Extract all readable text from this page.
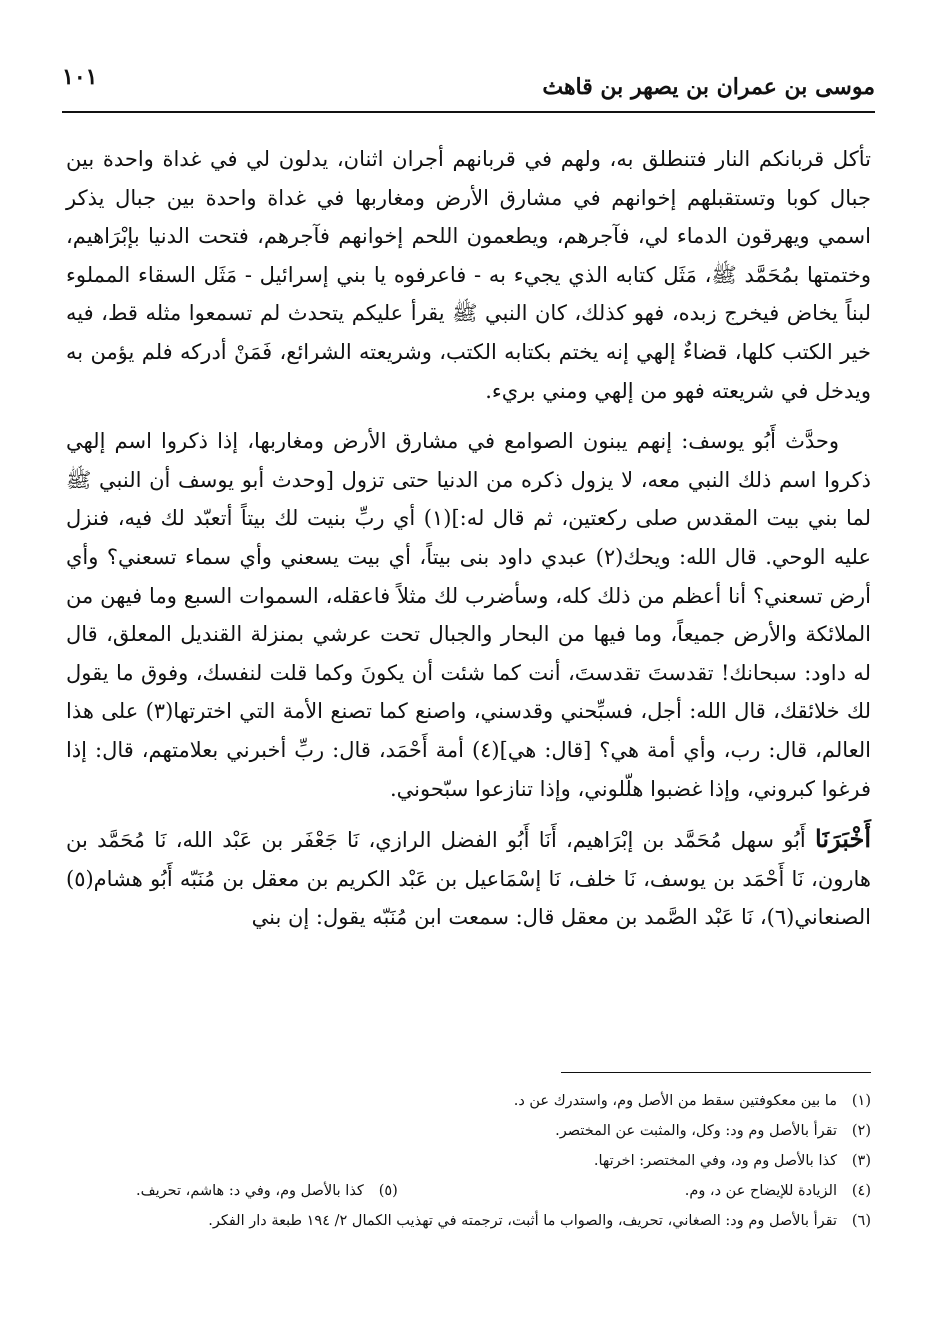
موسى بن عمران بن يصهر بن قاهث
١٠١

تأكل قربانكم النار فتنطلق به، ولهم في قربانهم أجران اثنان، يدلون لي في غداة واحدة بين جبال كوبا وتستقبلهم إخوانهم في مشارق الأرض ومغاربها في غداة واحدة بين جبال يذكر اسمي ويهرقون الدماء لي، فآجرهم، ويطعمون اللحم إخوانهم فآجرهم، فتحت الدنيا بإبْرَاهيم، وختمتها بمُحَمَّد ﷺ، مَثَل كتابه الذي يجيء به - فاعرفوه يا بني إسرائيل - مَثَل السقاء المملوء لبناً يخاض فيخرج زبده، فهو كذلك، كان النبي ﷺ يقرأ عليكم يتحدث لم تسمعوا مثله قط، فيه خير الكتب كلها، قضاءٌ إلهي إنه يختم بكتابه الكتب، وشريعته الشرائع، فَمَنْ أدركه فلم يؤمن به ويدخل في شريعته فهو من إلهي ومني بريء.

وحدَّث أَبُو يوسف: إنهم يبنون الصوامع في مشارق الأرض ومغاربها، إذا ذكروا اسم إلهي ذكروا اسم ذلك النبي معه، لا يزول ذكره من الدنيا حتى تزول [وحدث أبو يوسف أن النبي ﷺ لما بني بيت المقدس صلى ركعتين، ثم قال له:](١) أي ربِّ بنيت لك بيتاً أتعبّد لك فيه، فنزل عليه الوحي. قال الله: ويحك(٢) عبدي داود بنى بيتاً، أي بيت يسعني وأي سماء تسعني؟ وأي أرض تسعني؟ أنا أعظم من ذلك كله، وسأضرب لك مثلاً فاعقله، السموات السبع وما فيهن من الملائكة والأرض جميعاً، وما فيها من البحار والجبال تحت عرشي بمنزلة القنديل المعلق، قال له داود: سبحانك! تقدستَ تقدستَ، أنت كما شئت أن يكونَ وكما قلت لنفسك، وفوق ما يقول لك خلائقك، قال الله: أجل، فسبِّحني وقدسني، واصنع كما تصنع الأمة التي اخترتها(٣) على هذا العالم، قال: رب، وأي أمة هي؟ [قال: هي](٤) أمة أَحْمَد، قال: ربِّ أخبرني بعلامتهم، قال: إذا فرغوا كبروني، وإذا غضبوا هلّلوني، وإذا تنازعوا سبّحوني.

أَخْبَرَنَا أَبُو سهل مُحَمَّد بن إبْرَاهيم، أَنَا أَبُو الفضل الرازي، نَا جَعْفَر بن عَبْد الله، نَا مُحَمَّد بن هارون، نَا أَحْمَد بن يوسف، نَا خلف، نَا إسْمَاعيل بن عَبْد الكريم بن معقل بن مُنَبّه أَبُو هشام(٥) الصنعاني(٦)، نَا عَبْد الصَّمد بن معقل قال: سمعت ابن مُنَبّه يقول: إن بني

(١)ما بين معكوفتين سقط من الأصل وم، واستدرك عن د.
(٢)تقرأ بالأصل وم ود: وكل، والمثبت عن المختصر.
(٣)كذا بالأصل وم ود، وفي المختصر: اخرتها.
(٤)الزيادة للإيضاح عن د، وم.
(٥)كذا بالأصل وم، وفي د: هاشم، تحريف.
(٦)تقرأ بالأصل وم ود: الصغاني، تحريف، والصواب ما أثبت، ترجمته في تهذيب الكمال ٢/ ١٩٤ طبعة دار الفكر.
